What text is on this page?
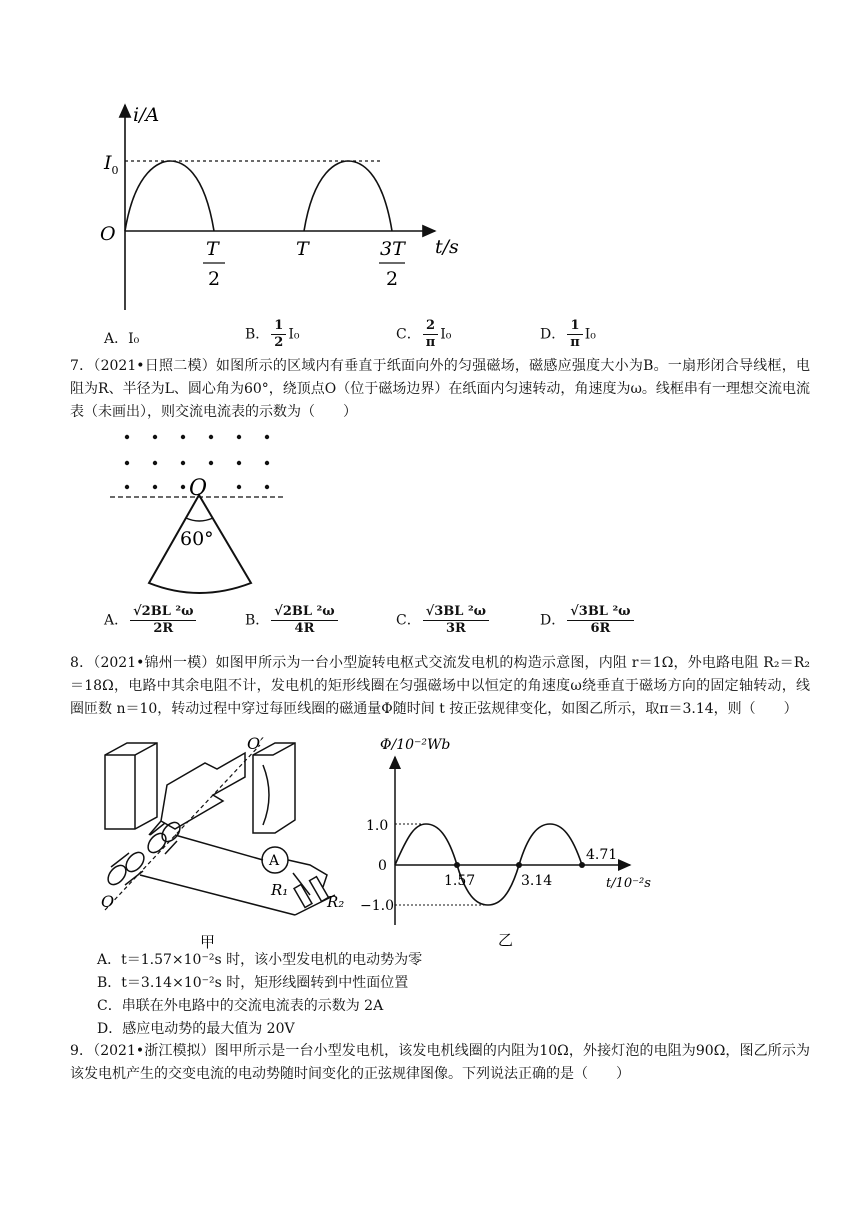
i/A
$I_0$
O
t/s
T
2
T	3T
2
A．I₀	B． $\frac{1}{2} I_0$	C． $\frac{2}{\pi} I_0$	D． $\frac{1}{\pi} I_0$
7．（2021•日照二模）如图所示的区域内有垂直于纸面向外的匀强磁场，磁感应强度大小为B。一扇形闭合导线框，电阻为R、半径为L、圆心角为60°，绕顶点O（位于磁场边界）在纸面内匀速转动，角速度为ω。线框串有一理想交流电流表（未画出），则交流电流表的示数为（　　）
O
60°
A． $\frac{\text{√2BL ²ω}}{2R}$	B． $\frac{\text{√2BL ²ω}}{4R}$	C． $\frac{\text{√3BL ²ω}}{3R}$	D． $\frac{\text{√3BL ²ω}}{6R}$
8．（2021•锦州一模）如图甲所示为一台小型旋转电枢式交流发电机的构造示意图，内阻 r＝1Ω，外电路电阻 R₂＝R₂＝18Ω，电路中其余电阻不计，发电机的矩形线圈在匀强磁场中以恒定的角速度ω绕垂直于磁场方向的固定轴转动，线圈匝数 n＝10，转动过程中穿过每匝线圈的磁通量Φ随时间 t 按正弦规律变化，如图乙所示，取π＝3.14，则（　　）
O′
O
A
R₁
R₂
甲
Φ/10⁻²Wb
1.0
0
−1.0
1.57	3.14
4.71
t/10⁻²s
乙
A．t＝1.57×10⁻²s 时，该小型发电机的电动势为零
B．t＝3.14×10⁻²s 时，矩形线圈转到中性面位置
C．串联在外电路中的交流电流表的示数为 2A
D．感应电动势的最大值为 20V
9．（2021•浙江模拟）图甲所示是一台小型发电机，该发电机线圈的内阻为10Ω，外接灯泡的电阻为90Ω，图乙所示为该发电机产生的交变电流的电动势随时间变化的正弦规律图像。下列说法正确的是（　　）
